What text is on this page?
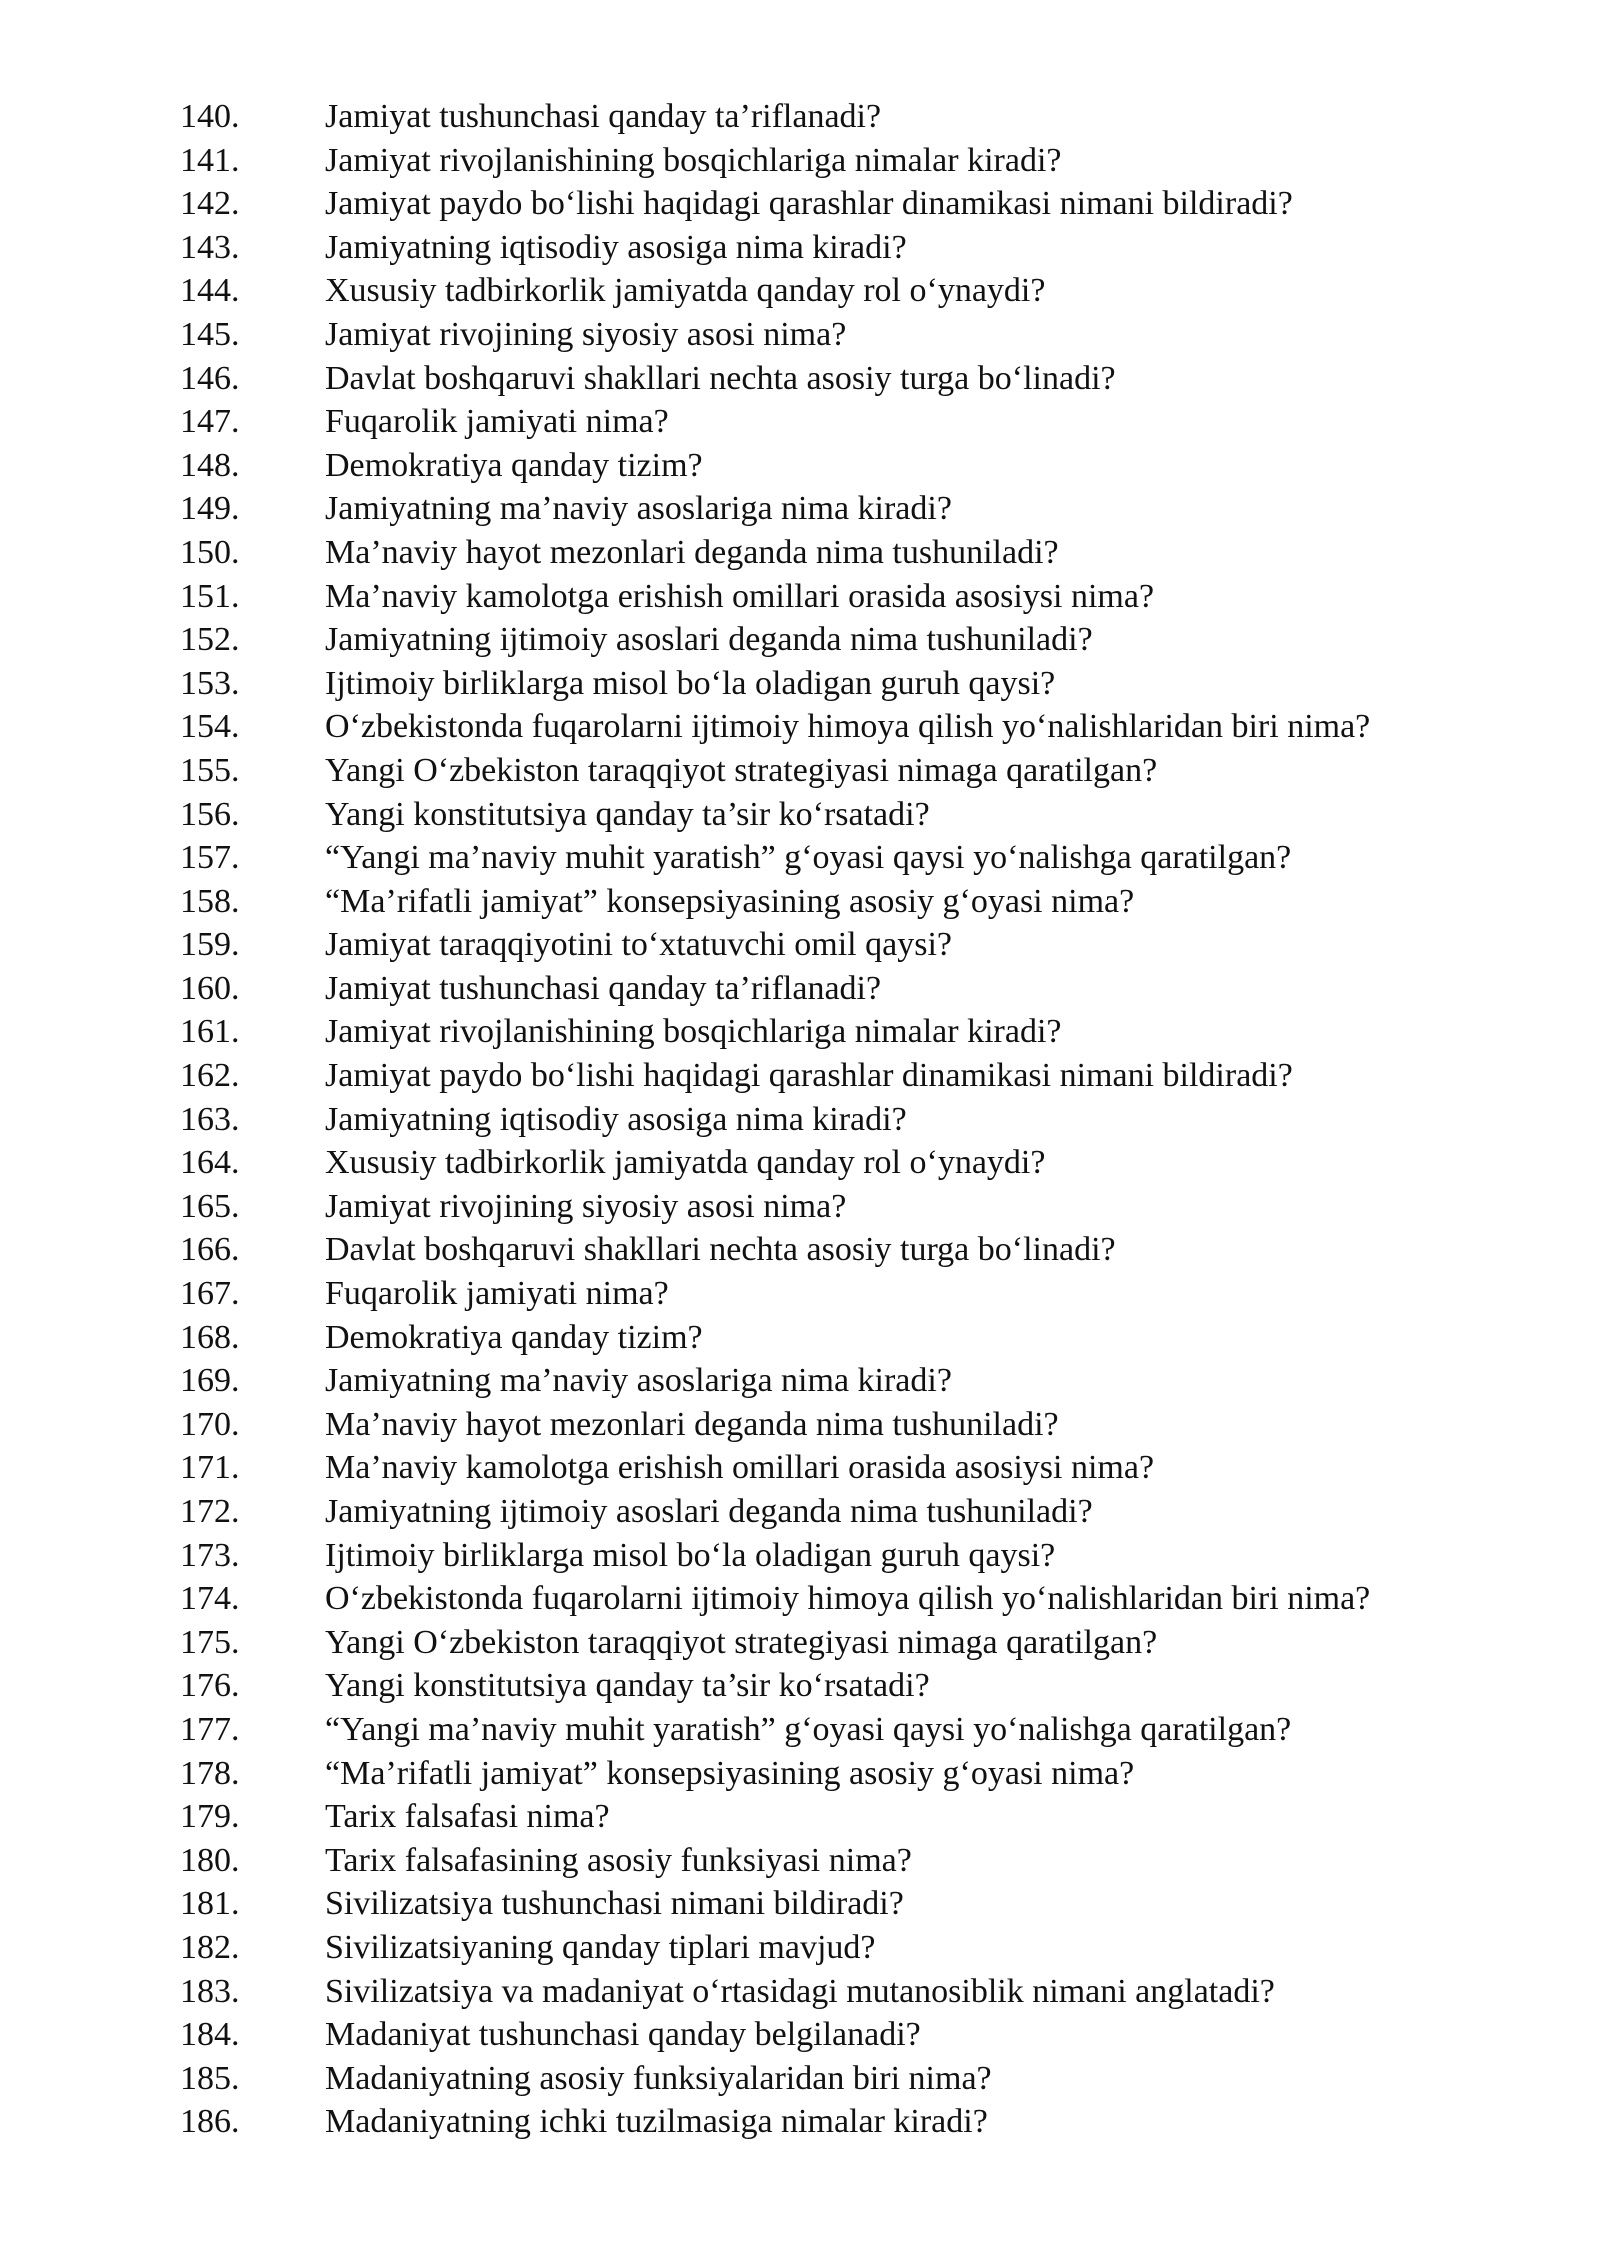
140.	Jamiyat tushunchasi qanday ta’riflanadi?
141.	Jamiyat rivojlanishining bosqichlariga nimalar kiradi?
142.	Jamiyat paydo bo‘lishi haqidagi qarashlar dinamikasi nimani bildiradi?
143.	Jamiyatning iqtisodiy asosiga nima kiradi?
144.	Xususiy tadbirkorlik jamiyatda qanday rol o‘ynaydi?
145.	Jamiyat rivojining siyosiy asosi nima?
146.	Davlat boshqaruvi shakllari nechta asosiy turga bo‘linadi?
147.	Fuqarolik jamiyati nima?
148.	Demokratiya qanday tizim?
149.	Jamiyatning ma’naviy asoslariga nima kiradi?
150.	Ma’naviy hayot mezonlari deganda nima tushuniladi?
151.	Ma’naviy kamolotga erishish omillari orasida asosiysi nima?
152.	Jamiyatning ijtimoiy asoslari deganda nima tushuniladi?
153.	Ijtimoiy birliklarga misol bo‘la oladigan guruh qaysi?
154.	O‘zbekistonda fuqarolarni ijtimoiy himoya qilish yo‘nalishlaridan biri nima?
155.	Yangi O‘zbekiston taraqqiyot strategiyasi nimaga qaratilgan?
156.	Yangi konstitutsiya qanday ta’sir ko‘rsatadi?
157.	“Yangi ma’naviy muhit yaratish” g‘oyasi qaysi yo‘nalishga qaratilgan?
158.	“Ma’rifatli jamiyat” konsepsiyasining asosiy g‘oyasi nima?
159.	Jamiyat taraqqiyotini to‘xtatuvchi omil qaysi?
160.	Jamiyat tushunchasi qanday ta’riflanadi?
161.	Jamiyat rivojlanishining bosqichlariga nimalar kiradi?
162.	Jamiyat paydo bo‘lishi haqidagi qarashlar dinamikasi nimani bildiradi?
163.	Jamiyatning iqtisodiy asosiga nima kiradi?
164.	Xususiy tadbirkorlik jamiyatda qanday rol o‘ynaydi?
165.	Jamiyat rivojining siyosiy asosi nima?
166.	Davlat boshqaruvi shakllari nechta asosiy turga bo‘linadi?
167.	Fuqarolik jamiyati nima?
168.	Demokratiya qanday tizim?
169.	Jamiyatning ma’naviy asoslariga nima kiradi?
170.	Ma’naviy hayot mezonlari deganda nima tushuniladi?
171.	Ma’naviy kamolotga erishish omillari orasida asosiysi nima?
172.	Jamiyatning ijtimoiy asoslari deganda nima tushuniladi?
173.	Ijtimoiy birliklarga misol bo‘la oladigan guruh qaysi?
174.	O‘zbekistonda fuqarolarni ijtimoiy himoya qilish yo‘nalishlaridan biri nima?
175.	Yangi O‘zbekiston taraqqiyot strategiyasi nimaga qaratilgan?
176.	Yangi konstitutsiya qanday ta’sir ko‘rsatadi?
177.	“Yangi ma’naviy muhit yaratish” g‘oyasi qaysi yo‘nalishga qaratilgan?
178.	“Ma’rifatli jamiyat” konsepsiyasining asosiy g‘oyasi nima?
179.	Tarix falsafasi nima?
180.	Tarix falsafasining asosiy funksiyasi nima?
181.	Sivilizatsiya tushunchasi nimani bildiradi?
182.	Sivilizatsiyaning qanday tiplari mavjud?
183.	Sivilizatsiya va madaniyat o‘rtasidagi mutanosiblik nimani anglatadi?
184.	Madaniyat tushunchasi qanday belgilanadi?
185.	Madaniyatning asosiy funksiyalaridan biri nima?
186.	Madaniyatning ichki tuzilmasiga nimalar kiradi?
